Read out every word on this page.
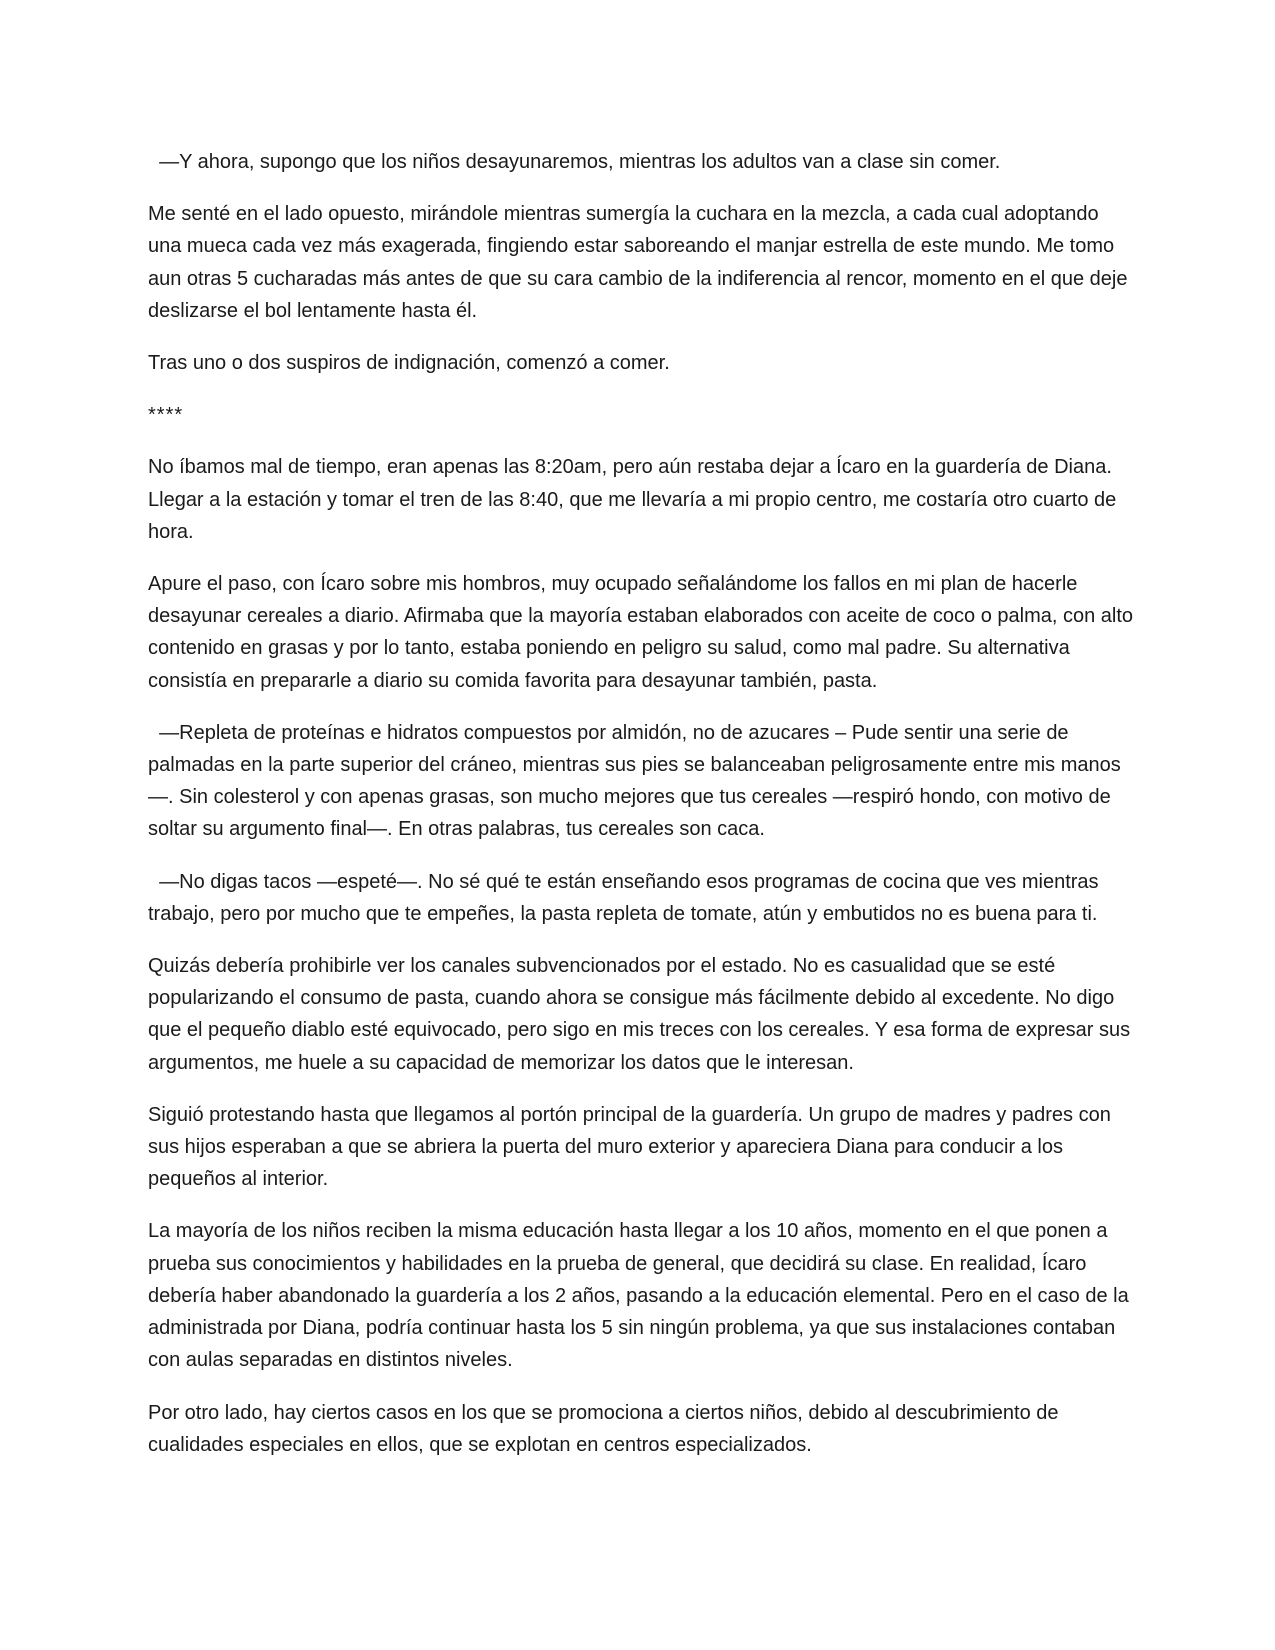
—Y ahora, supongo que los niños desayunaremos, mientras los adultos van a clase sin comer.

Me senté en el lado opuesto, mirándole mientras sumergía la cuchara en la mezcla, a cada cual adoptando una mueca cada vez más exagerada, fingiendo estar saboreando el manjar estrella de este mundo. Me tomo aun otras 5 cucharadas más antes de que su cara cambio de la indiferencia al rencor, momento en el que deje deslizarse el bol lentamente hasta él.

Tras uno o dos suspiros de indignación, comenzó a comer.

****

No íbamos mal de tiempo, eran apenas las 8:20am, pero aún restaba dejar a Ícaro en la guardería de Diana. Llegar a la estación y tomar el tren de las 8:40, que me llevaría a mi propio centro, me costaría otro cuarto de hora.

Apure el paso, con Ícaro sobre mis hombros, muy ocupado señalándome los fallos en mi plan de hacerle desayunar cereales a diario. Afirmaba que la mayoría estaban elaborados con aceite de coco o palma, con alto contenido en grasas y por lo tanto, estaba poniendo en peligro su salud, como mal padre. Su alternativa consistía en prepararle a diario su comida favorita para desayunar también, pasta.

—Repleta de proteínas e hidratos compuestos por almidón, no de azucares – Pude sentir una serie de palmadas en la parte superior del cráneo, mientras sus pies se balanceaban peligrosamente entre mis manos—. Sin colesterol y con apenas grasas, son mucho mejores que tus cereales —respiró hondo, con motivo de soltar su argumento final—. En otras palabras, tus cereales son caca.

—No digas tacos —espeté—. No sé qué te están enseñando esos programas de cocina que ves mientras trabajo, pero por mucho que te empeñes, la pasta repleta de tomate, atún y embutidos no es buena para ti.

Quizás debería prohibirle ver los canales subvencionados por el estado. No es casualidad que se esté popularizando el consumo de pasta, cuando ahora se consigue más fácilmente debido al excedente. No digo que el pequeño diablo esté equivocado, pero sigo en mis treces con los cereales. Y esa forma de expresar sus argumentos, me huele a su capacidad de memorizar los datos que le interesan.

Siguió protestando hasta que llegamos al portón principal de la guardería. Un grupo de madres y padres con sus hijos esperaban a que se abriera la puerta del muro exterior y apareciera Diana para conducir a los pequeños al interior.

La mayoría de los niños reciben la misma educación hasta llegar a los 10 años, momento en el que ponen a prueba sus conocimientos y habilidades en la prueba de general, que decidirá su clase. En realidad, Ícaro debería haber abandonado la guardería a los 2 años, pasando a la educación elemental. Pero en el caso de la administrada por Diana, podría continuar hasta los 5 sin ningún problema, ya que sus instalaciones contaban con aulas separadas en distintos niveles.

Por otro lado, hay ciertos casos en los que se promociona a ciertos niños, debido al descubrimiento de cualidades especiales en ellos, que se explotan en centros especializados.
